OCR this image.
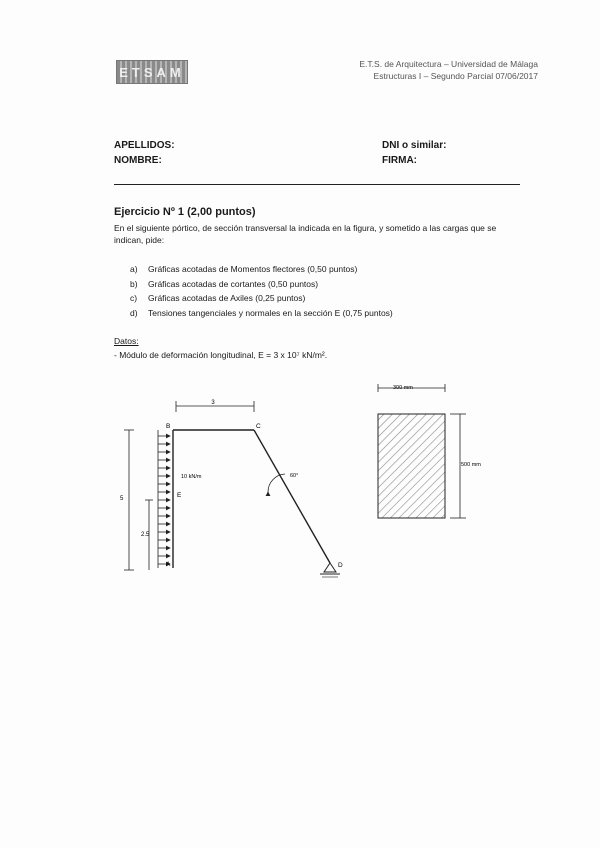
ETSAM
E.T.S. de Arquitectura – Universidad de Málaga
Estructuras I – Segundo Parcial 07/06/2017
APELLIDOS:
NOMBRE:
DNI o similar:
FIRMA:
Ejercicio Nº 1 (2,00 puntos)
En el siguiente pórtico, de sección transversal la indicada en la figura, y sometido a las cargas que se indican, pide:
a)	Gráficas acotadas de Momentos flectores (0,50 puntos)
b)	Gráficas acotadas de cortantes (0,50 puntos)
c)	Gráficas acotadas de Axiles (0,25 puntos)
d)	Tensiones tangenciales y normales en la sección E (0,75 puntos)
Datos:
- Módulo de deformación longitudinal, E = 3 x 10⁷ kN/m².
3
5
2.5
10 kN/m
B	C
E
A	D
60°
300 mm
500 mm
